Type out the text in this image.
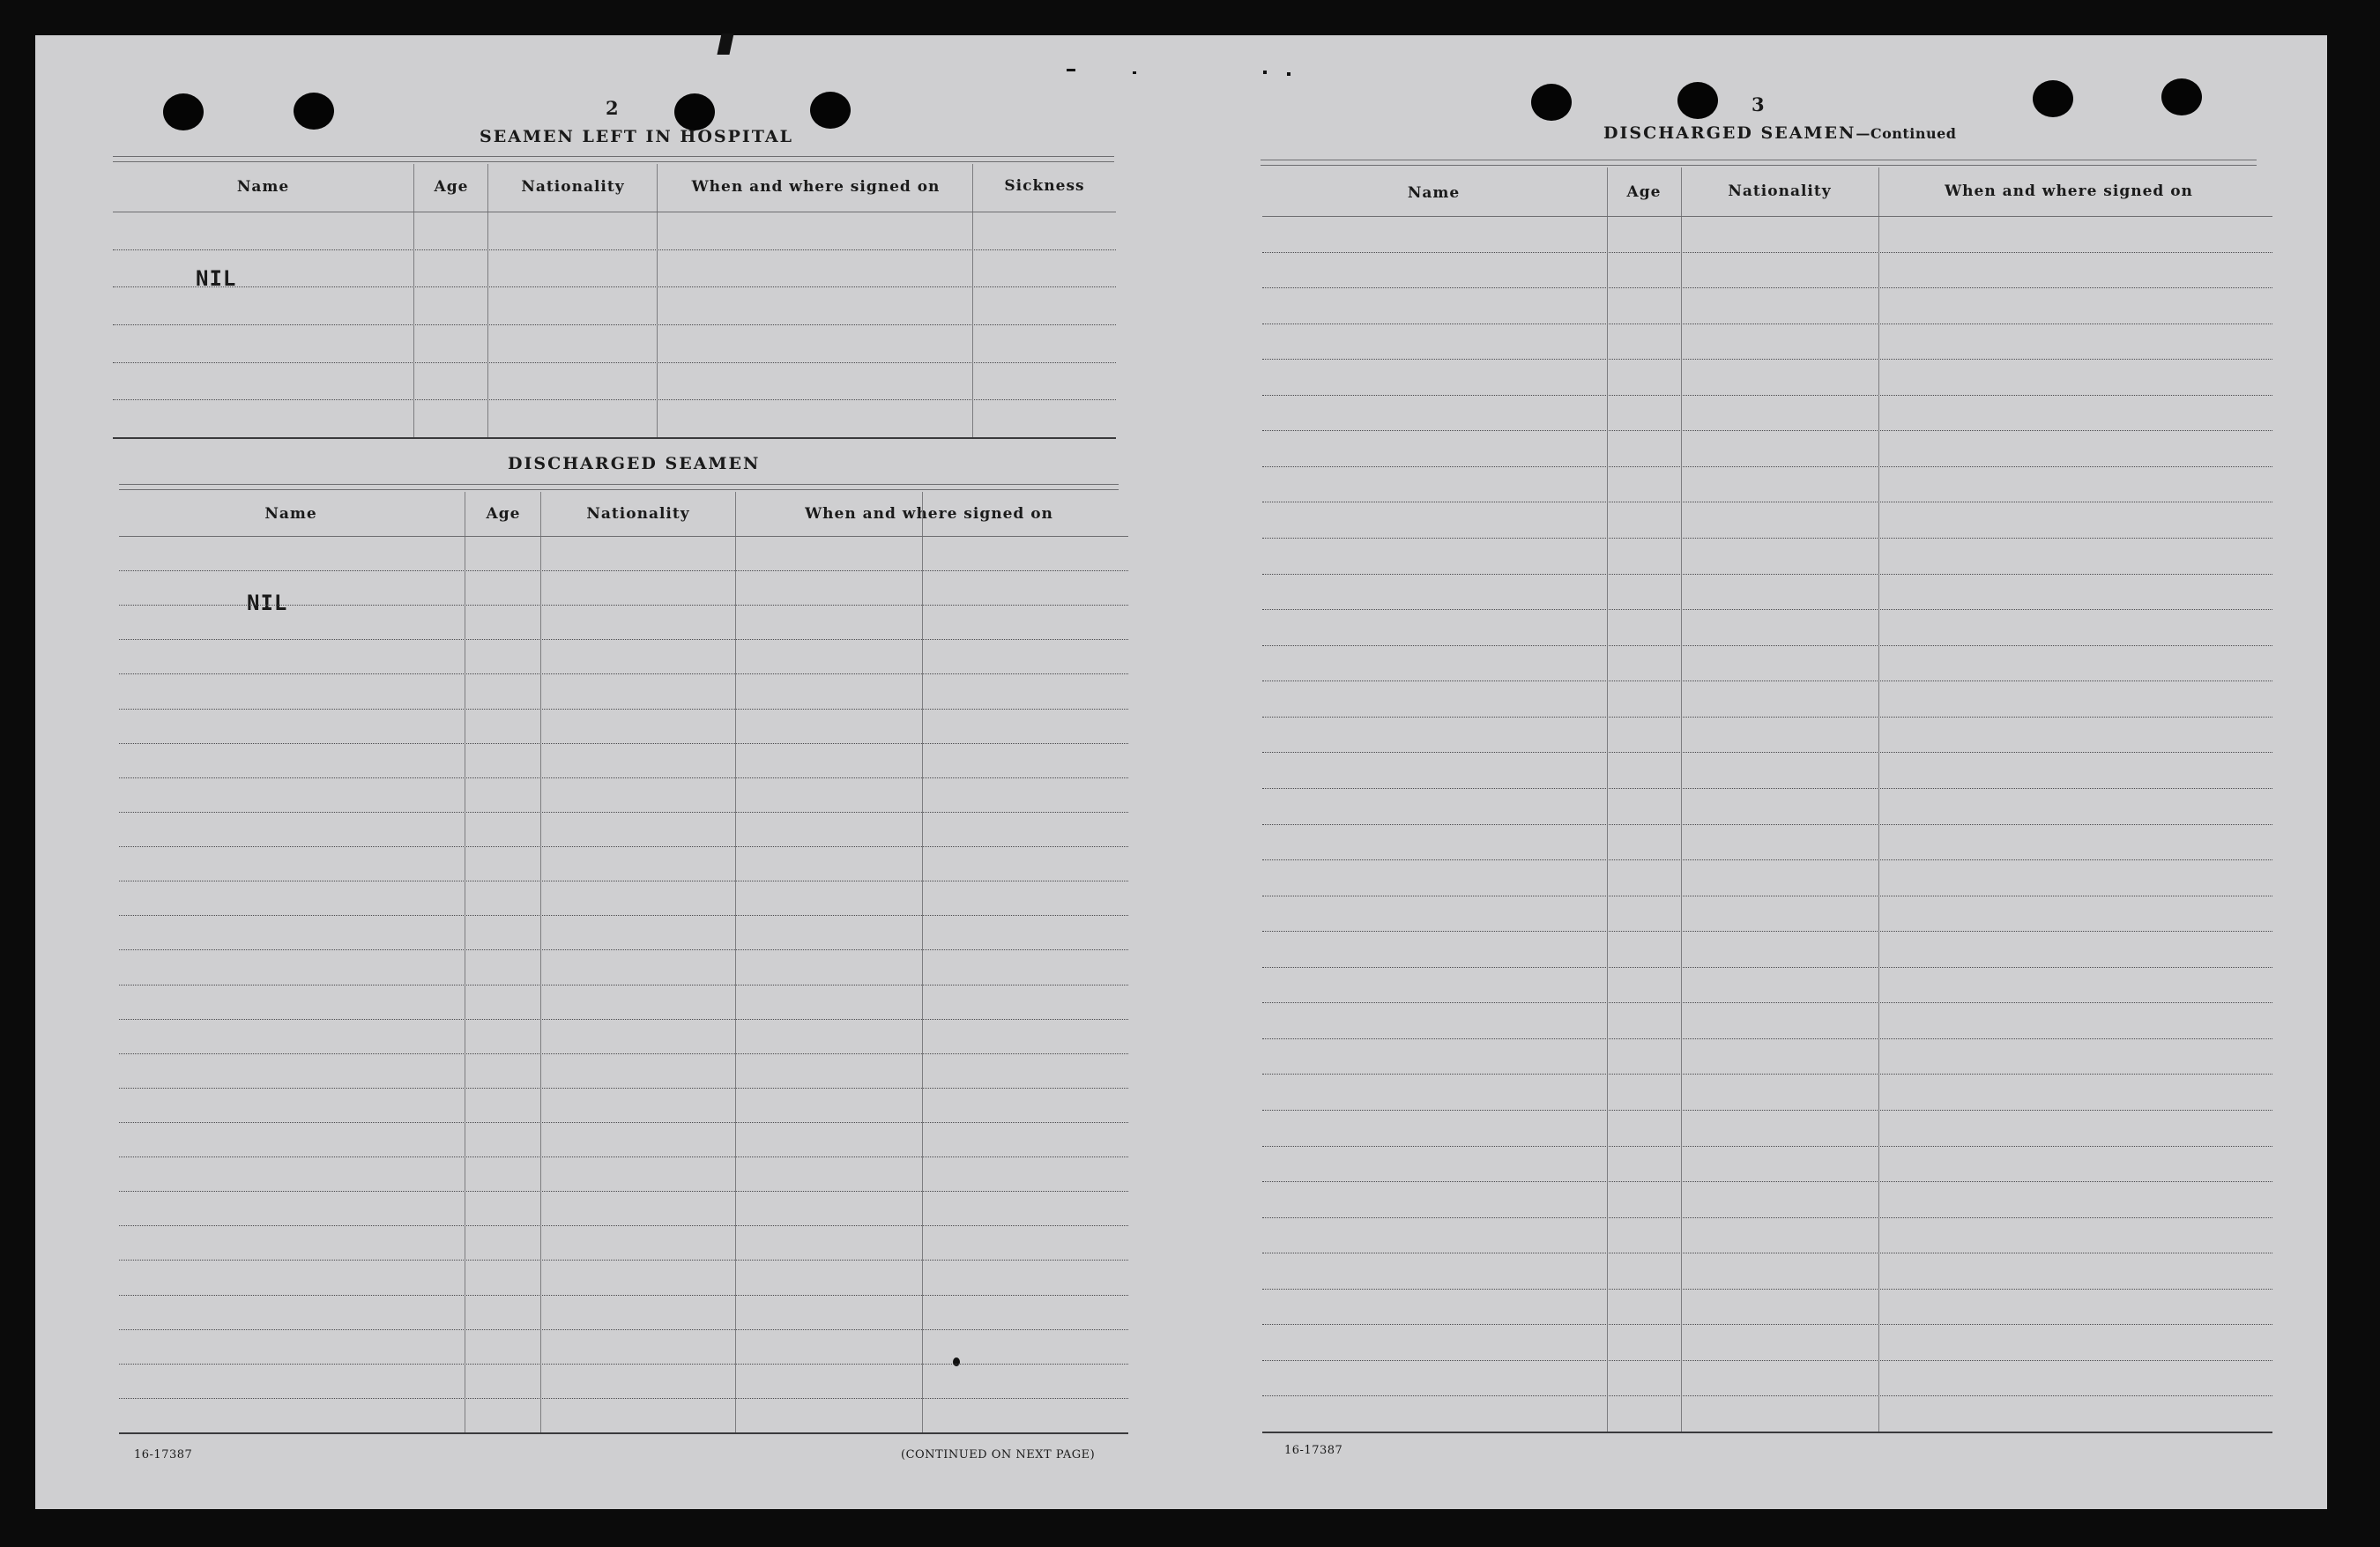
2
SEAMEN LEFT IN HOSPITAL
Name	Age	Nationality	When and where signed on	Sickness
NIL
DISCHARGED SEAMEN
Name	Age	Nationality	When and where signed on
NIL
16-17387	(CONTINUED ON NEXT PAGE)
3
DISCHARGED SEAMEN—Continued
Name	Age	Nationality	When and where signed on
16-17387
